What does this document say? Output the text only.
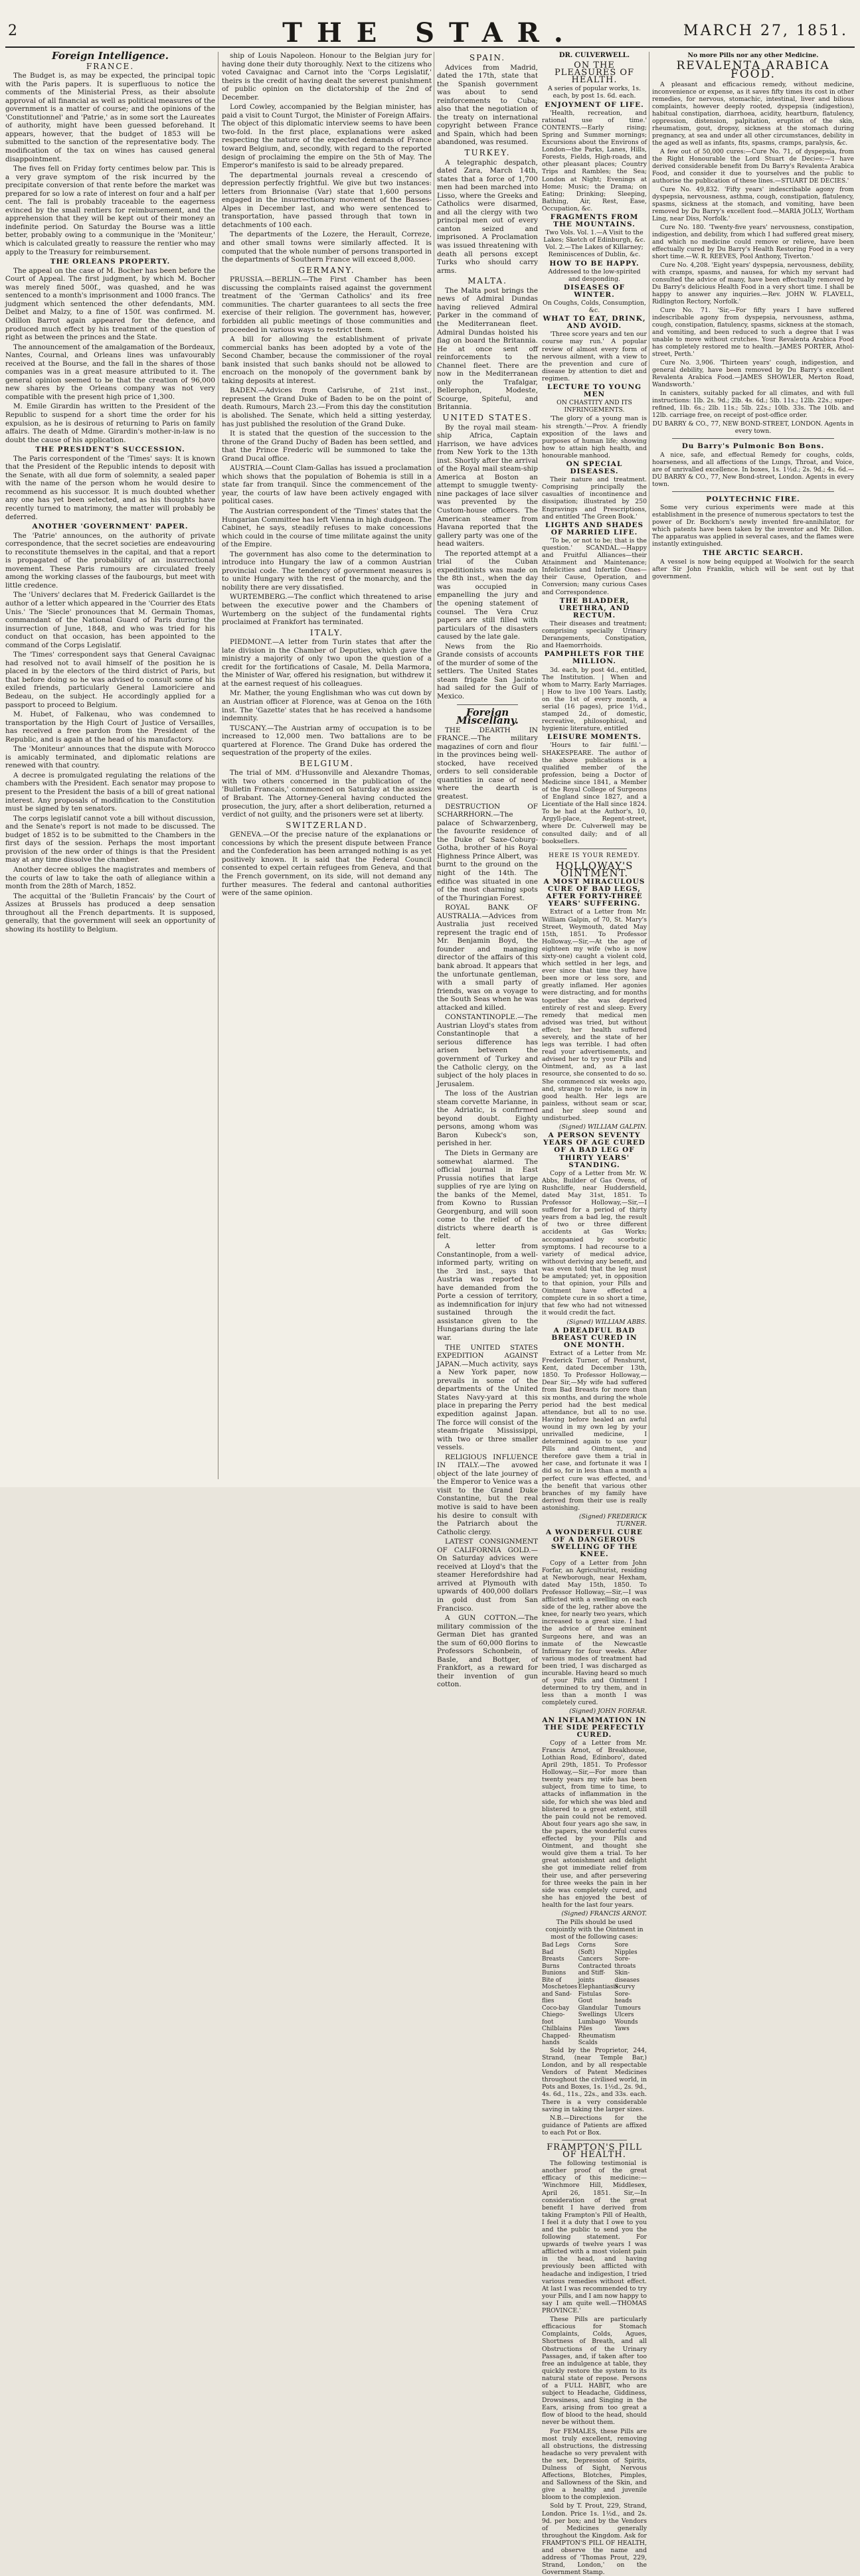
2	THE STAR.	MARCH 27, 1851.
Foreign Intelligence.
FRANCE.

The Budget is, as may be expected, the principal topic with the Paris papers. It is superfluous to notice the comments of the Ministerial Press, as their absolute approval of all financial as well as political measures of the government is a matter of course; and the opinions of the 'Constitutionnel' and 'Patrie,' as in some sort the Laureates of authority, might have been guessed beforehand. It appears, however, that the budget of 1853 will be submitted to the sanction of the representative body. The modification of the tax on wines has caused general disappointment.

The fives fell on Friday forty centimes below par. This is a very grave symptom of the risk incurred by the precipitate conversion of that rente before the market was prepared for so low a rate of interest on four and a half per cent. The fall is probably traceable to the eagerness evinced by the small rentiers for reimbursement, and the apprehension that they will be kept out of their money an indefinite period. On Saturday the Bourse was a little better, probably owing to a communique in the 'Moniteur,' which is calculated greatly to reassure the rentier who may apply to the Treasury for reimbursement.

THE ORLEANS PROPERTY.

The appeal on the case of M. Bocher has been before the Court of Appeal. The first judgment, by which M. Bocher was merely fined 500f., was quashed, and he was sentenced to a month's imprisonment and 1000 francs. The judgment which sentenced the other defendants, MM. Delbet and Malzy, to a fine of 150f. was confirmed. M. Odillon Barrot again appeared for the defence, and produced much effect by his treatment of the question of right as between the princes and the State.

The announcement of the amalgamation of the Bordeaux, Nantes, Cournal, and Orleans lines was unfavourably received at the Bourse, and the fall in the shares of those companies was in a great measure attributed to it. The general opinion seemed to be that the creation of 96,000 new shares by the Orleans company was not very compatible with the present high price of 1,300.

M. Emile Girardin has written to the President of the Republic to suspend for a short time the order for his expulsion, as he is desirous of returning to Paris on family affairs. The death of Mdme. Girardin's mother-in-law is no doubt the cause of his application.

THE PRESIDENT'S SUCCESSION.

The Paris correspondent of the 'Times' says: It is known that the President of the Republic intends to deposit with the Senate, with all due form of solemnity, a sealed paper with the name of the person whom he would desire to recommend as his successor. It is much doubted whether any one has yet been selected, and as his thoughts have recently turned to matrimony, the matter will probably be deferred.

ANOTHER 'GOVERNMENT' PAPER.

The 'Patrie' announces, on the authority of private correspondence, that the secret societies are endeavouring to reconstitute themselves in the capital, and that a report is propagated of the probability of an insurrectional movement. These Paris rumours are circulated freely among the working classes of the faubourgs, but meet with little credence.

The 'Univers' declares that M. Frederick Gaillardet is the author of a letter which appeared in the 'Courrier des Etats Unis.' The 'Siecle' pronounces that M. Germain Thomas, commandant of the National Guard of Paris during the insurrection of June, 1848, and who was tried for his conduct on that occasion, has been appointed to the command of the Corps Legislatif.

The 'Times' correspondent says that General Cavaignac had resolved not to avail himself of the position he is placed in by the electors of the third district of Paris, but that before doing so he was advised to consult some of his exiled friends, particularly General Lamoriciere and Bedeau, on the subject. He accordingly applied for a passport to proceed to Belgium.

M. Hubet, of Falkenau, who was condemned to transportation by the High Court of Justice of Versailles, has received a free pardon from the President of the Republic, and is again at the head of his manufactory.

The 'Moniteur' announces that the dispute with Morocco is amicably terminated, and diplomatic relations are renewed with that country.

A decree is promulgated regulating the relations of the chambers with the President. Each senator may propose to present to the President the basis of a bill of great national interest. Any proposals of modification to the Constitution must be signed by ten senators.

The corps legislatif cannot vote a bill without discussion, and the Senate's report is not made to be discussed. The budget of 1852 is to be submitted to the Chambers in the first days of the session. Perhaps the most important provision of the new order of things is that the President may at any time dissolve the chamber.

Another decree obliges the magistrates and members of the courts of law to take the oath of allegiance within a month from the 28th of March, 1852.

The acquittal of the 'Bulletin Francais' by the Court of Assizes at Brussels has produced a deep sensation throughout all the French departments. It is supposed, generally, that the government will seek an opportunity of showing its hostility to Belgium.

ship of Louis Napoleon. Honour to the Belgian jury for having done their duty thoroughly. Next to the citizens who voted Cavaignac and Carnot into the 'Corps Legislatif,' theirs is the credit of having dealt the severest punishment of public opinion on the dictatorship of the 2nd of December.

Lord Cowley, accompanied by the Belgian minister, has paid a visit to Count Turgot, the Minister of Foreign Affairs. The object of this diplomatic interview seems to have been two-fold. In the first place, explanations were asked respecting the nature of the expected demands of France toward Belgium, and, secondly, with regard to the reported design of proclaiming the empire on the 5th of May. The Emperor's manifesto is said to be already prepared.

The departmental journals reveal a crescendo of depression perfectly frightful. We give but two instances: letters from Brionnaise (Var) state that 1,600 persons engaged in the insurrectionary movement of the Basses-Alpes in December last, and who were sentenced to transportation, have passed through that town in detachments of 100 each.

The departments of the Lozere, the Herault, Correze, and other small towns were similarly affected. It is computed that the whole number of persons transported in the departments of Southern France will exceed 8,000.

GERMANY.

PRUSSIA.—BERLIN.—The First Chamber has been discussing the complaints raised against the government treatment of the 'German Catholics' and its free communities. The charter guarantees to all sects the free exercise of their religion. The government has, however, forbidden all public meetings of those communities and proceeded in various ways to restrict them.

A bill for allowing the establishment of private commercial banks has been adopted by a vote of the Second Chamber, because the commissioner of the royal bank insisted that such banks should not be allowed to encroach on the monopoly of the government bank by taking deposits at interest.

BADEN.—Advices from Carlsruhe, of 21st inst., represent the Grand Duke of Baden to be on the point of death. Rumours, March 23.—From this day the constitution is abolished. The Senate, which held a sitting yesterday, has just published the resolution of the Grand Duke.

It is stated that the question of the succession to the throne of the Grand Duchy of Baden has been settled, and that the Prince Frederic will be summoned to take the Grand Ducal office.

AUSTRIA.—Count Clam-Gallas has issued a proclamation which shows that the population of Bohemia is still in a state far from tranquil. Since the commencement of the year, the courts of law have been actively engaged with political cases.

The Austrian correspondent of the 'Times' states that the Hungarian Committee has left Vienna in high dudgeon. The Cabinet, he says, steadily refuses to make concessions which could in the course of time militate against the unity of the Empire.

The government has also come to the determination to introduce into Hungary the law of a common Austrian provincial code. The tendency of government measures is to unite Hungary with the rest of the monarchy, and the nobility there are very dissatisfied.

WURTEMBERG.—The conflict which threatened to arise between the executive power and the Chambers of Wurtemberg on the subject of the fundamental rights proclaimed at Frankfort has terminated.

ITALY.

PIEDMONT.—A letter from Turin states that after the late division in the Chamber of Deputies, which gave the ministry a majority of only two upon the question of a credit for the fortifications of Casale, M. Della Marmora, the Minister of War, offered his resignation, but withdrew it at the earnest request of his colleagues.

Mr. Mather, the young Englishman who was cut down by an Austrian officer at Florence, was at Genoa on the 16th inst. The 'Gazette' states that he has received a handsome indemnity.

TUSCANY.—The Austrian army of occupation is to be increased to 12,000 men. Two battalions are to be quartered at Florence. The Grand Duke has ordered the sequestration of the property of the exiles.

BELGIUM.

The trial of MM. d'Hussonville and Alexandre Thomas, with two others concerned in the publication of the 'Bulletin Francais,' commenced on Saturday at the assizes of Brabant. The Attorney-General having conducted the prosecution, the jury, after a short deliberation, returned a verdict of not guilty, and the prisoners were set at liberty.

SWITZERLAND.

GENEVA.—Of the precise nature of the explanations or concessions by which the present dispute between France and the Confederation has been arranged nothing is as yet positively known. It is said that the Federal Council consented to expel certain refugees from Geneva, and that the French government, on its side, will not demand any further measures. The federal and cantonal authorities were of the same opinion.

SPAIN.

Advices from Madrid, dated the 17th, state that the Spanish government was about to send reinforcements to Cuba; also that the negotiation of the treaty on international copyright between France and Spain, which had been abandoned, was resumed.

TURKEY.

A telegraphic despatch, dated Zara, March 14th, states that a force of 1,700 men had been marched into Lisso, where the Greeks and Catholics were disarmed, and all the clergy with two principal men out of every canton seized and imprisoned. A Proclamation was issued threatening with death all persons except Turks who should carry arms.

MALTA.

The Malta post brings the news of Admiral Dundas having relieved Admiral Parker in the command of the Mediterranean fleet. Admiral Dundas hoisted his flag on board the Britannia. He at once sent off reinforcements to the Channel fleet. There are now in the Mediterranean only the Trafalgar, Bellerophon, Modeste, Scourge, Spiteful, and Britannia.

UNITED STATES.

By the royal mail steam-ship Africa, Captain Harrison, we have advices from New York to the 13th inst. Shortly after the arrival of the Royal mail steam-ship America at Boston an attempt to smuggle twenty-nine packages of lace silver was prevented by the Custom-house officers. The American steamer from Havana reported that the gallery party was one of the head waiters.

The reported attempt at a trial of the Cuban expeditionists was made on the 8th inst., when the day was occupied in empanelling the jury and the opening statement of counsel. The Vera Cruz papers are still filled with particulars of the disasters caused by the late gale.

News from the Rio Grande consists of accounts of the murder of some of the settlers. The United States steam frigate San Jacinto had sailed for the Gulf of Mexico.

Foreign Miscellany.

THE DEARTH IN FRANCE.—The military magazines of corn and flour in the provinces being well-stocked, have received orders to sell considerable quantities in case of need where the dearth is greatest.

DESTRUCTION OF SCHARRHORN.—The palace of Schwarzenberg, the favourite residence of the Duke of Saxe-Coburg-Gotha, brother of his Royal Highness Prince Albert, was burnt to the ground on the night of the 14th. The edifice was situated in one of the most charming spots of the Thuringian Forest.

ROYAL BANK OF AUSTRALIA.—Advices from Australia just received represent the tragic end of Mr. Benjamin Boyd, the founder and managing director of the affairs of this bank abroad. It appears that the unfortunate gentleman, with a small party of friends, was on a voyage to the South Seas when he was attacked and killed.

CONSTANTINOPLE.—The Austrian Lloyd's states from Constantinople that a serious difference has arisen between the government of Turkey and the Catholic clergy, on the subject of the holy places in Jerusalem.

The loss of the Austrian steam corvette Marianne, in the Adriatic, is confirmed beyond doubt. Eighty persons, among whom was Baron Kubeck's son, perished in her.

The Diets in Germany are somewhat alarmed. The official journal in East Prussia notifies that large supplies of rye are lying on the banks of the Memel, from Kowno to Russian Georgenburg, and will soon come to the relief of the districts where dearth is felt.

A letter from Constantinople, from a well-informed party, writing on the 3rd inst., says that Austria was reported to have demanded from the Porte a cession of territory, as indemnification for injury sustained through the assistance given to the Hungarians during the late war.

THE UNITED STATES EXPEDITION AGAINST JAPAN.—Much activity, says a New York paper, now prevails in some of the departments of the United States Navy-yard at this place in preparing the Perry expedition against Japan. The force will consist of the steam-frigate Mississippi, with two or three smaller vessels.

RELIGIOUS INFLUENCE IN ITALY.—The avowed object of the late journey of the Emperor to Venice was a visit to the Grand Duke Constantine, but the real motive is said to have been his desire to consult with the Patriarch about the Catholic clergy.

LATEST CONSIGNMENT OF CALIFORNIA GOLD.—On Saturday advices were received at Lloyd's that the steamer Herefordshire had arrived at Plymouth with upwards of 400,000 dollars in gold dust from San Francisco.

A GUN COTTON.—The military commission of the German Diet has granted the sum of 60,000 florins to Professors Schonbein, of Basle, and Bottger, of Frankfort, as a reward for their invention of gun cotton.

No more Pills nor any other Medicine.
REVALENTA ARABICA FOOD.

A pleasant and efficacious remedy, without medicine, inconvenience or expense, as it saves fifty times its cost in other remedies, for nervous, stomachic, intestinal, liver and bilious complaints, however deeply rooted, dyspepsia (indigestion), habitual constipation, diarrhoea, acidity, heartburn, flatulency, oppression, distension, palpitation, eruption of the skin, rheumatism, gout, dropsy, sickness at the stomach during pregnancy, at sea and under all other circumstances, debility in the aged as well as infants, fits, spasms, cramps, paralysis, &c.

A few out of 50,000 cures:—Cure No. 71, of dyspepsia, from the Right Honourable the Lord Stuart de Decies:—'I have derived considerable benefit from Du Barry's Revalenta Arabica Food, and consider it due to yourselves and the public to authorise the publication of these lines.—STUART DE DECIES.'

Cure No. 49,832. 'Fifty years' indescribable agony from dyspepsia, nervousness, asthma, cough, constipation, flatulency, spasms, sickness at the stomach, and vomiting, have been removed by Du Barry's excellent food.—MARIA JOLLY, Wortham Ling, near Diss, Norfolk.'

Cure No. 180. 'Twenty-five years' nervousness, constipation, indigestion, and debility, from which I had suffered great misery, and which no medicine could remove or relieve, have been effectually cured by Du Barry's Health Restoring Food in a very short time.—W. R. REEVES, Pool Anthony, Tiverton.'

Cure No. 4,208. 'Eight years' dyspepsia, nervousness, debility, with cramps, spasms, and nausea, for which my servant had consulted the advice of many, have been effectually removed by Du Barry's delicious Health Food in a very short time. I shall be happy to answer any inquiries.—Rev. JOHN W. FLAVELL, Ridlington Rectory, Norfolk.'

Cure No. 71. 'Sir,—For fifty years I have suffered indescribable agony from dyspepsia, nervousness, asthma, cough, constipation, flatulency, spasms, sickness at the stomach, and vomiting, and been reduced to such a degree that I was unable to move without crutches. Your Revalenta Arabica Food has completely restored me to health.—JAMES PORTER, Athol-street, Perth.'

Cure No. 3,906. 'Thirteen years' cough, indigestion, and general debility, have been removed by Du Barry's excellent Revalenta Arabica Food.—JAMES SHOWLER, Merton Road, Wandsworth.'

In canisters, suitably packed for all climates, and with full instructions: 1lb. 2s. 9d.; 2lb. 4s. 6d.; 5lb. 11s.; 12lb. 22s.; super-refined, 1lb. 6s.; 2lb. 11s.; 5lb. 22s.; 10lb. 33s. The 10lb. and 12lb. carriage free, on receipt of post-office order.

DU BARRY & CO., 77, NEW BOND-STREET, LONDON. Agents in every town.

Du Barry's Pulmonic Bon Bons.

A nice, safe, and effectual Remedy for coughs, colds, hoarseness, and all affections of the Lungs, Throat, and Voice, are of unrivalled excellence. In boxes, 1s. 1½d.; 2s. 9d.; 4s. 6d.—DU BARRY & CO., 77, New Bond-street, London. Agents in every town.

POLYTECHNIC FIRE.

Some very curious experiments were made at this establishment in the presence of numerous spectators to test the power of Dr. Bockhorn's newly invented fire-annihilator, for which patents have been taken by the inventor and Mr. Dillon. The apparatus was applied in several cases, and the flames were instantly extinguished.

THE ARCTIC SEARCH.

A vessel is now being equipped at Woolwich for the search after Sir John Franklin, which will be sent out by that government.

DR. CULVERWELL.
ON THE PLEASURES OF HEALTH.

A series of popular works, 1s. each, by post 1s. 6d. each.

ENJOYMENT OF LIFE.

'Health, recreation, and rational use of time.' CONTENTS.—Early rising; Spring and Summer mornings; Excursions about the Environs of London—the Parks, Lanes, Hills, Forests, Fields, High-roads, and other pleasant places; Country Trips and Rambles; the Sea; London at Night; Evenings at Home; Music; the Drama; on Eating; Drinking; Sleeping, Bathing, Air, Rest, Ease, Occupation, &c.

FRAGMENTS FROM THE MOUNTAINS.

Two Vols. Vol. 1.—A Visit to the Lakes; Sketch of Edinburgh, &c. Vol. 2.—The Lakes of Killarney; Reminiscences of Dublin, &c.

HOW TO BE HAPPY.

Addressed to the low-spirited and desponding.

DISEASES OF WINTER.

On Coughs, Colds, Consumption, &c.

WHAT TO EAT, DRINK, AND AVOID.

'Three score years and ten our course may run.' A popular review of almost every form of nervous ailment, with a view to the prevention and cure of disease by attention to diet and regimen.

LECTURE TO YOUNG MEN

ON CHASTITY AND ITS INFRINGEMENTS.

'The glory of a young man is his strength.'—Prov. A friendly exposition of the laws and purposes of human life; showing how to attain high health, and honourable manhood.

ON SPECIAL DISEASES.

Their nature and treatment. Comprising principally the casualties of incontinence and dissipation; illustrated by 250 Engravings and Prescriptions, and entitled 'The Green Book.'

LIGHTS AND SHADES OF MARRIED LIFE.

'To be, or not to be; that is the question.' SCANDAL.—Happy and Fruitful Alliances—their Attainment and Maintenance; Infelicities and Infertile Ones—their Cause, Operation, and Conversion; many curious Cases and Correspondence.

THE BLADDER, URETHRA, AND RECTUM.

Their diseases and treatment; comprising specially Urinary Derangements, Constipation, and Haemorrhoids.

PAMPHLETS FOR THE MILLION.

3d. each, by post 4d., entitled, The Institution. | When and whom to Marry. Early Marriages. | How to live 100 Years. Lastly, on the 1st of every month, a serial (16 pages), price 1½d., stamped 2d., of domestic, recreative, philosophical, and hygienic literature, entitled

LEISURE MOMENTS.

'Hours to fair fulfil.'—SHAKESPEARE. The author of the above publications is a qualified member of the profession, being a Doctor of Medicine since 1841, a Member of the Royal College of Surgeons of England since 1827, and a Licentiate of the Hall since 1824. To be had at the Author's, 10, Argyll-place, Regent-street, where Dr. Culverwell may be consulted daily; and of all booksellers.

HERE IS YOUR REMEDY.
HOLLOWAY'S OINTMENT.
A MOST MIRACULOUS CURE OF BAD LEGS, AFTER FORTY-THREE YEARS' SUFFERING.

Extract of a Letter from Mr. William Galpin, of 70, St. Mary's Street, Weymouth, dated May 15th, 1851. To Professor Holloway,—Sir,—At the age of eighteen my wife (who is now sixty-one) caught a violent cold, which settled in her legs, and ever since that time they have been more or less sore, and greatly inflamed. Her agonies were distracting, and for months together she was deprived entirely of rest and sleep. Every remedy that medical men advised was tried, but without effect; her health suffered severely, and the state of her legs was terrible. I had often read your advertisements, and advised her to try your Pills and Ointment, and, as a last resource, she consented to do so. She commenced six weeks ago, and, strange to relate, is now in good health. Her legs are painless, without seam or scar, and her sleep sound and undisturbed.

(Signed) WILLIAM GALPIN.

A PERSON SEVENTY YEARS OF AGE CURED OF A BAD LEG OF THIRTY YEARS' STANDING.

Copy of a Letter from Mr. W. Abbs, Builder of Gas Ovens, of Rushcliffe, near Huddersfield, dated May 31st, 1851. To Professor Holloway,—Sir,—I suffered for a period of thirty years from a bad leg, the result of two or three different accidents at Gas Works; accompanied by scorbutic symptoms. I had recourse to a variety of medical advice, without deriving any benefit, and was even told that the leg must be amputated; yet, in opposition to that opinion, your Pills and Ointment have effected a complete cure in so short a time, that few who had not witnessed it would credit the fact.

(Signed) WILLIAM ABBS.

A DREADFUL BAD BREAST CURED IN ONE MONTH.

Extract of a Letter from Mr. Frederick Turner, of Penshurst, Kent, dated December 13th, 1850. To Professor Holloway,—Dear Sir,—My wife had suffered from Bad Breasts for more than six months, and during the whole period had the best medical attendance, but all to no use. Having before healed an awful wound in my own leg by your unrivalled medicine, I determined again to use your Pills and Ointment, and therefore gave them a trial in her case, and fortunate it was I did so, for in less than a month a perfect cure was effected, and the benefit that various other branches of my family have derived from their use is really astonishing.

(Signed) FREDERICK TURNER.

A WONDERFUL CURE OF A DANGEROUS SWELLING OF THE KNEE.

Copy of a Letter from John Forfar, an Agriculturist, residing at Newborough, near Hexham, dated May 15th, 1850. To Professor Holloway,—Sir,—I was afflicted with a swelling on each side of the leg, rather above the knee, for nearly two years, which increased to a great size. I had the advice of three eminent Surgeons here, and was an inmate of the Newcastle Infirmary for four weeks. After various modes of treatment had been tried, I was discharged as incurable. Having heard so much of your Pills and Ointment I determined to try them, and in less than a month I was completely cured.

(Signed) JOHN FORFAR.

AN INFLAMMATION IN THE SIDE PERFECTLY CURED.

Copy of a Letter from Mr. Francis Arnot, of Breakhouse, Lothian Road, Edinboro', dated April 29th, 1851. To Professor Holloway,—Sir,—For more than twenty years my wife has been subject, from time to time, to attacks of inflammation in the side, for which she was bled and blistered to a great extent, still the pain could not be removed. About four years ago she saw, in the papers, the wonderful cures effected by your Pills and Ointment, and thought she would give them a trial. To her great astonishment and delight she got immediate relief from their use, and after persevering for three weeks the pain in her side was completely cured, and she has enjoyed the best of health for the last four years.

(Signed) FRANCIS ARNOT.

The Pills should be used conjointly with the Ointment in most of the following cases:

Bad Legs
Bad Breasts
Burns
Bunions
Bite of Moschetoes and Sand-flies
Coco-bay
Chiego-foot
Chilblains
Chapped-hands
Corns (Soft)
Cancers
Contracted and Stiff-joints
Elephantiasis
Fistulas
Gout
Glandular Swellings
Lumbago
Piles
Rheumatism
Scalds
Sore Nipples
Sore-throats
Skin-diseases
Scurvy
Sore-heads
Tumours
Ulcers
Wounds
Yaws

Sold by the Proprietor, 244, Strand, (near Temple Bar,) London, and by all respectable Vendors of Patent Medicines throughout the civilised world, in Pots and Boxes, 1s. 1½d., 2s. 9d., 4s. 6d., 11s., 22s., and 33s. each. There is a very considerable saving in taking the larger sizes.

N.B.—Directions for the guidance of Patients are affixed to each Pot or Box.

FRAMPTON'S PILL OF HEALTH.

The following testimonial is another proof of the great efficacy of this medicine:— 'Winchmore Hill, Middlesex, April 26, 1851. Sir,—In consideration of the great benefit I have derived from taking Frampton's Pill of Health, I feel it a duty that I owe to you and the public to send you the following statement. For upwards of twelve years I was afflicted with a most violent pain in the head, and having previously been afflicted with headache and indigestion, I tried various remedies without effect. At last I was recommended to try your Pills, and I am now happy to say I am quite well.—THOMAS PROVINCE.'

These Pills are particularly efficacious for Stomach Complaints, Colds, Agues, Shortness of Breath, and all Obstructions of the Urinary Passages, and, if taken after too free an indulgence at table, they quickly restore the system to its natural state of repose. Persons of a FULL HABIT, who are subject to Headache, Giddiness, Drowsiness, and Singing in the Ears, arising from too great a flow of blood to the head, should never be without them.

For FEMALES, these Pills are most truly excellent, removing all obstructions, the distressing headache so very prevalent with the sex, Depression of Spirits, Dulness of Sight, Nervous Affections, Blotches, Pimples, and Sallowness of the Skin, and give a healthy and juvenile bloom to the complexion.

Sold by T. Prout, 229, Strand, London. Price 1s. 1½d., and 2s. 9d. per box; and by the Vendors of Medicines generally throughout the Kingdom. Ask for FRAMPTON'S PILL OF HEALTH, and observe the name and address of 'Thomas Prout, 229, Strand, London,' on the Government Stamp.
